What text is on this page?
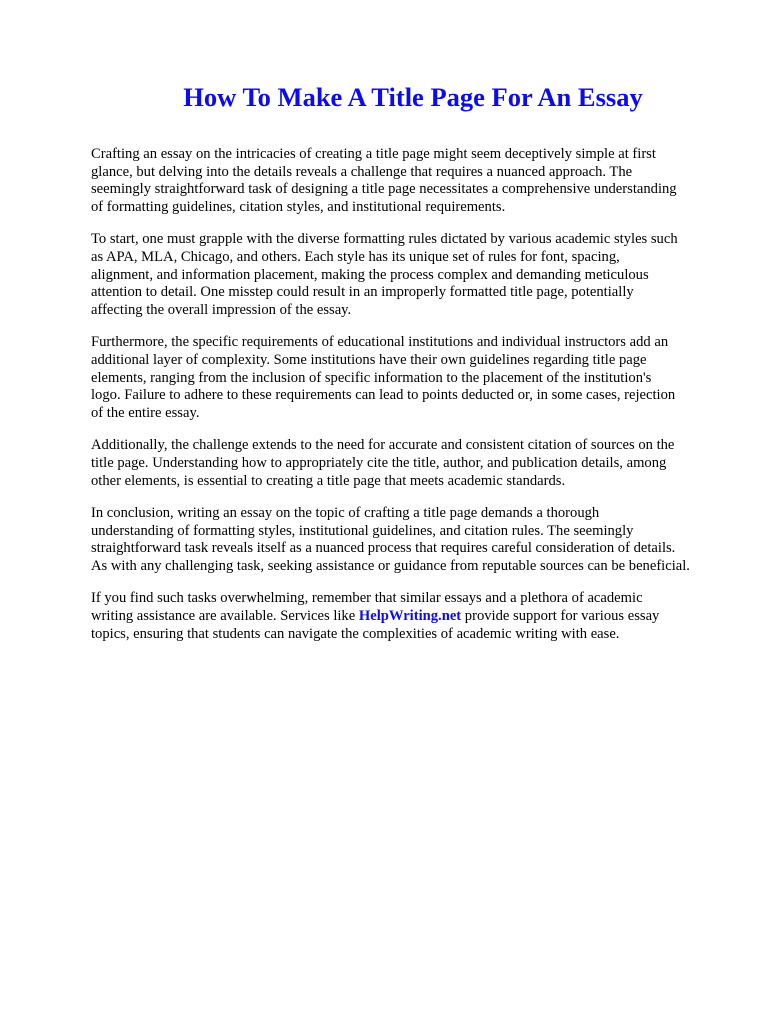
How To Make A Title Page For An Essay

Crafting an essay on the intricacies of creating a title page might seem deceptively simple at first
glance, but delving into the details reveals a challenge that requires a nuanced approach. The
seemingly straightforward task of designing a title page necessitates a comprehensive understanding
of formatting guidelines, citation styles, and institutional requirements.

To start, one must grapple with the diverse formatting rules dictated by various academic styles such
as APA, MLA, Chicago, and others. Each style has its unique set of rules for font, spacing,
alignment, and information placement, making the process complex and demanding meticulous
attention to detail. One misstep could result in an improperly formatted title page, potentially
affecting the overall impression of the essay.

Furthermore, the specific requirements of educational institutions and individual instructors add an
additional layer of complexity. Some institutions have their own guidelines regarding title page
elements, ranging from the inclusion of specific information to the placement of the institution's
logo. Failure to adhere to these requirements can lead to points deducted or, in some cases, rejection
of the entire essay.

Additionally, the challenge extends to the need for accurate and consistent citation of sources on the
title page. Understanding how to appropriately cite the title, author, and publication details, among
other elements, is essential to creating a title page that meets academic standards.

In conclusion, writing an essay on the topic of crafting a title page demands a thorough
understanding of formatting styles, institutional guidelines, and citation rules. The seemingly
straightforward task reveals itself as a nuanced process that requires careful consideration of details.
As with any challenging task, seeking assistance or guidance from reputable sources can be beneficial.

If you find such tasks overwhelming, remember that similar essays and a plethora of academic
writing assistance are available. Services like HelpWriting.net provide support for various essay
topics, ensuring that students can navigate the complexities of academic writing with ease.
